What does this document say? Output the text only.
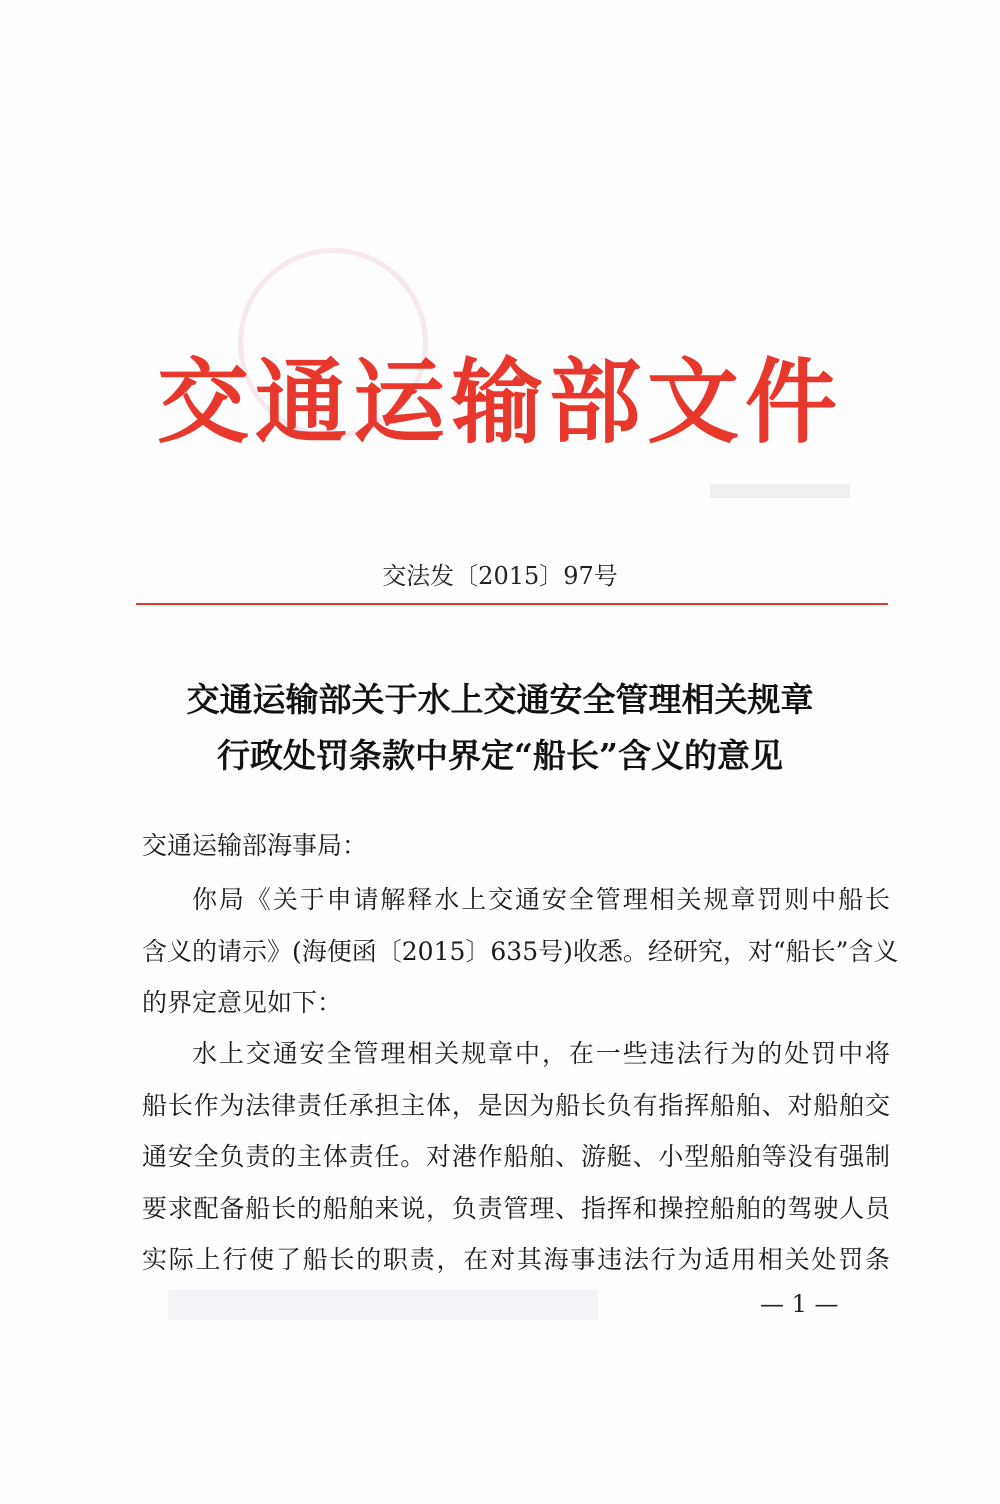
交通运输部文件
交法发〔2015〕97号
交通运输部关于水上交通安全管理相关规章
行政处罚条款中界定“船长”含义的意见
交通运输部海事局：
你局《关于申请解释水上交通安全管理相关规章罚则中船长
含义的请示》(海便函〔2015〕635号)收悉。经研究，对“船长”含义
的界定意见如下：
水上交通安全管理相关规章中，在一些违法行为的处罚中将
船长作为法律责任承担主体，是因为船长负有指挥船舶、对船舶交
通安全负责的主体责任。对港作船舶、游艇、小型船舶等没有强制
要求配备船长的船舶来说，负责管理、指挥和操控船舶的驾驶人员
实际上行使了船长的职责，在对其海事违法行为适用相关处罚条
— 1 —
